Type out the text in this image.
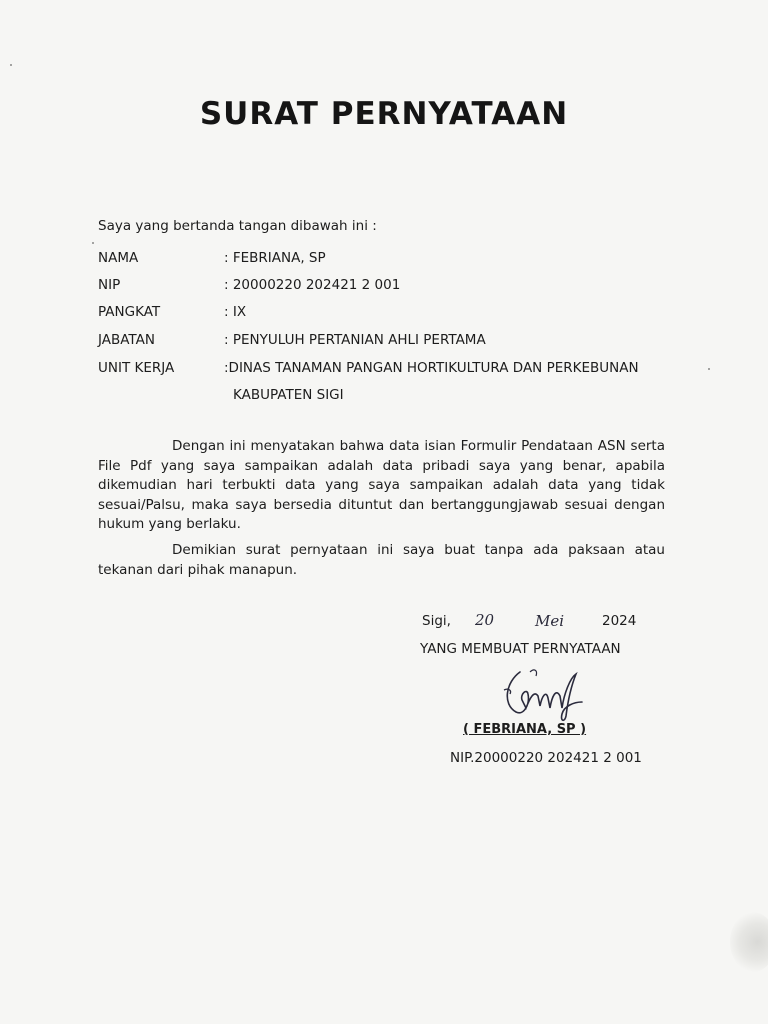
SURAT PERNYATAAN
Saya yang bertanda tangan dibawah ini :
NAMA	: FEBRIANA, SP
NIP	: 20000220 202421 2 001
PANGKAT	: IX
JABATAN	: PENYULUH PERTANIAN AHLI PERTAMA
UNIT KERJA	:DINAS TANAMAN PANGAN HORTIKULTURA DAN PERKEBUNAN
KABUPATEN SIGI
Dengan ini menyatakan bahwa data isian Formulir Pendataan ASN serta File Pdf yang saya sampaikan adalah data pribadi saya yang benar, apabila dikemudian hari terbukti data yang saya sampaikan adalah data yang tidak sesuai/Palsu, maka saya bersedia dituntut dan bertanggungjawab sesuai dengan hukum yang berlaku.
Demikian surat pernyataan ini saya buat tanpa ada paksaan atau tekanan dari pihak manapun.
Sigi, 20	Mei	2024
YANG MEMBUAT PERNYATAAN
( FEBRIANA, SP )
NIP.20000220 202421 2 001
